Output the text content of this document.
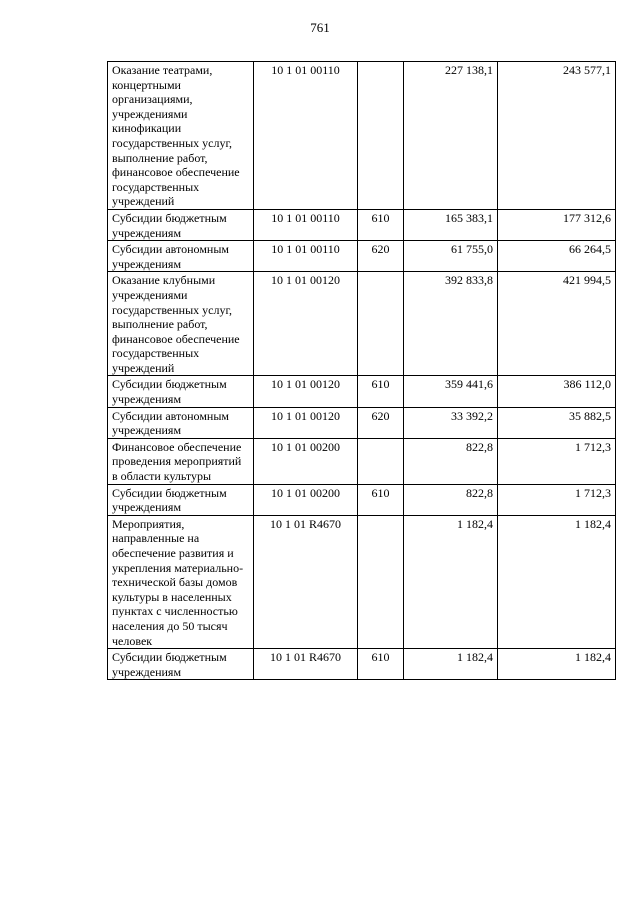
761
Оказание театрами, концертными организациями, учреждениями кинофикации государственных услуг, выполнение работ, финансовое обеспечение государственных учреждений	10 1 01 00110		227 138,1	243 577,1
Субсидии бюджетным учреждениям	10 1 01 00110	610	165 383,1	177 312,6
Субсидии автономным учреждениям	10 1 01 00110	620	61 755,0	66 264,5
Оказание клубными учреждениями государственных услуг, выполнение работ, финансовое обеспечение государственных учреждений	10 1 01 00120		392 833,8	421 994,5
Субсидии бюджетным учреждениям	10 1 01 00120	610	359 441,6	386 112,0
Субсидии автономным учреждениям	10 1 01 00120	620	33 392,2	35 882,5
Финансовое обеспечение проведения мероприятий в области культуры	10 1 01 00200		822,8	1 712,3
Субсидии бюджетным учреждениям	10 1 01 00200	610	822,8	1 712,3
Мероприятия, направленные на обеспечение развития и укрепления материально-технической базы домов культуры в населенных пунктах с численностью населения до 50 тысяч человек	10 1 01 R4670		1 182,4	1 182,4
Субсидии бюджетным учреждениям	10 1 01 R4670	610	1 182,4	1 182,4
